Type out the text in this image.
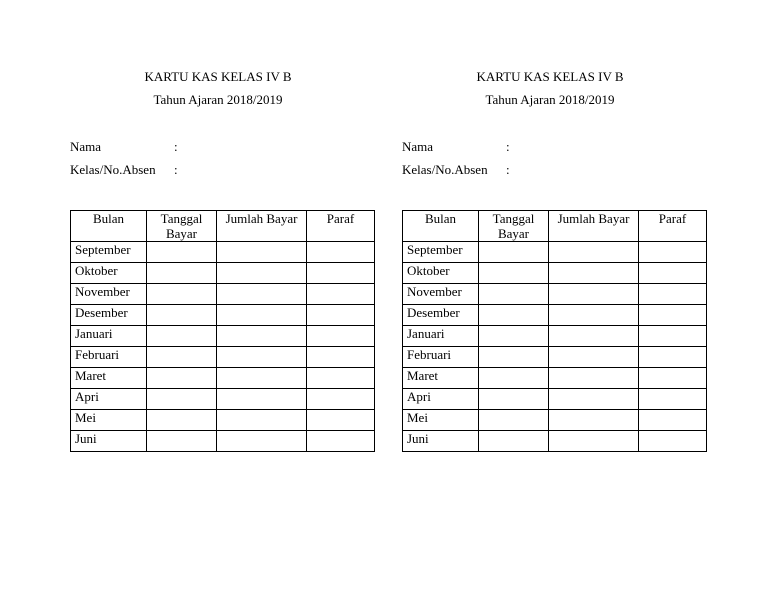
KARTU KAS KELAS IV B
Tahun Ajaran 2018/2019
Nama	:
Kelas/No.Absen :
Bulan	Tanggal Bayar	Jumlah Bayar	Paraf
September			
Oktober			
November			
Desember			
Januari			
Februari			
Maret			
Apri			
Mei			
Juni			
KARTU KAS KELAS IV B
Tahun Ajaran 2018/2019
Nama	:
Kelas/No.Absen :
Bulan	Tanggal Bayar	Jumlah Bayar	Paraf
September			
Oktober			
November			
Desember			
Januari			
Februari			
Maret			
Apri			
Mei			
Juni			
